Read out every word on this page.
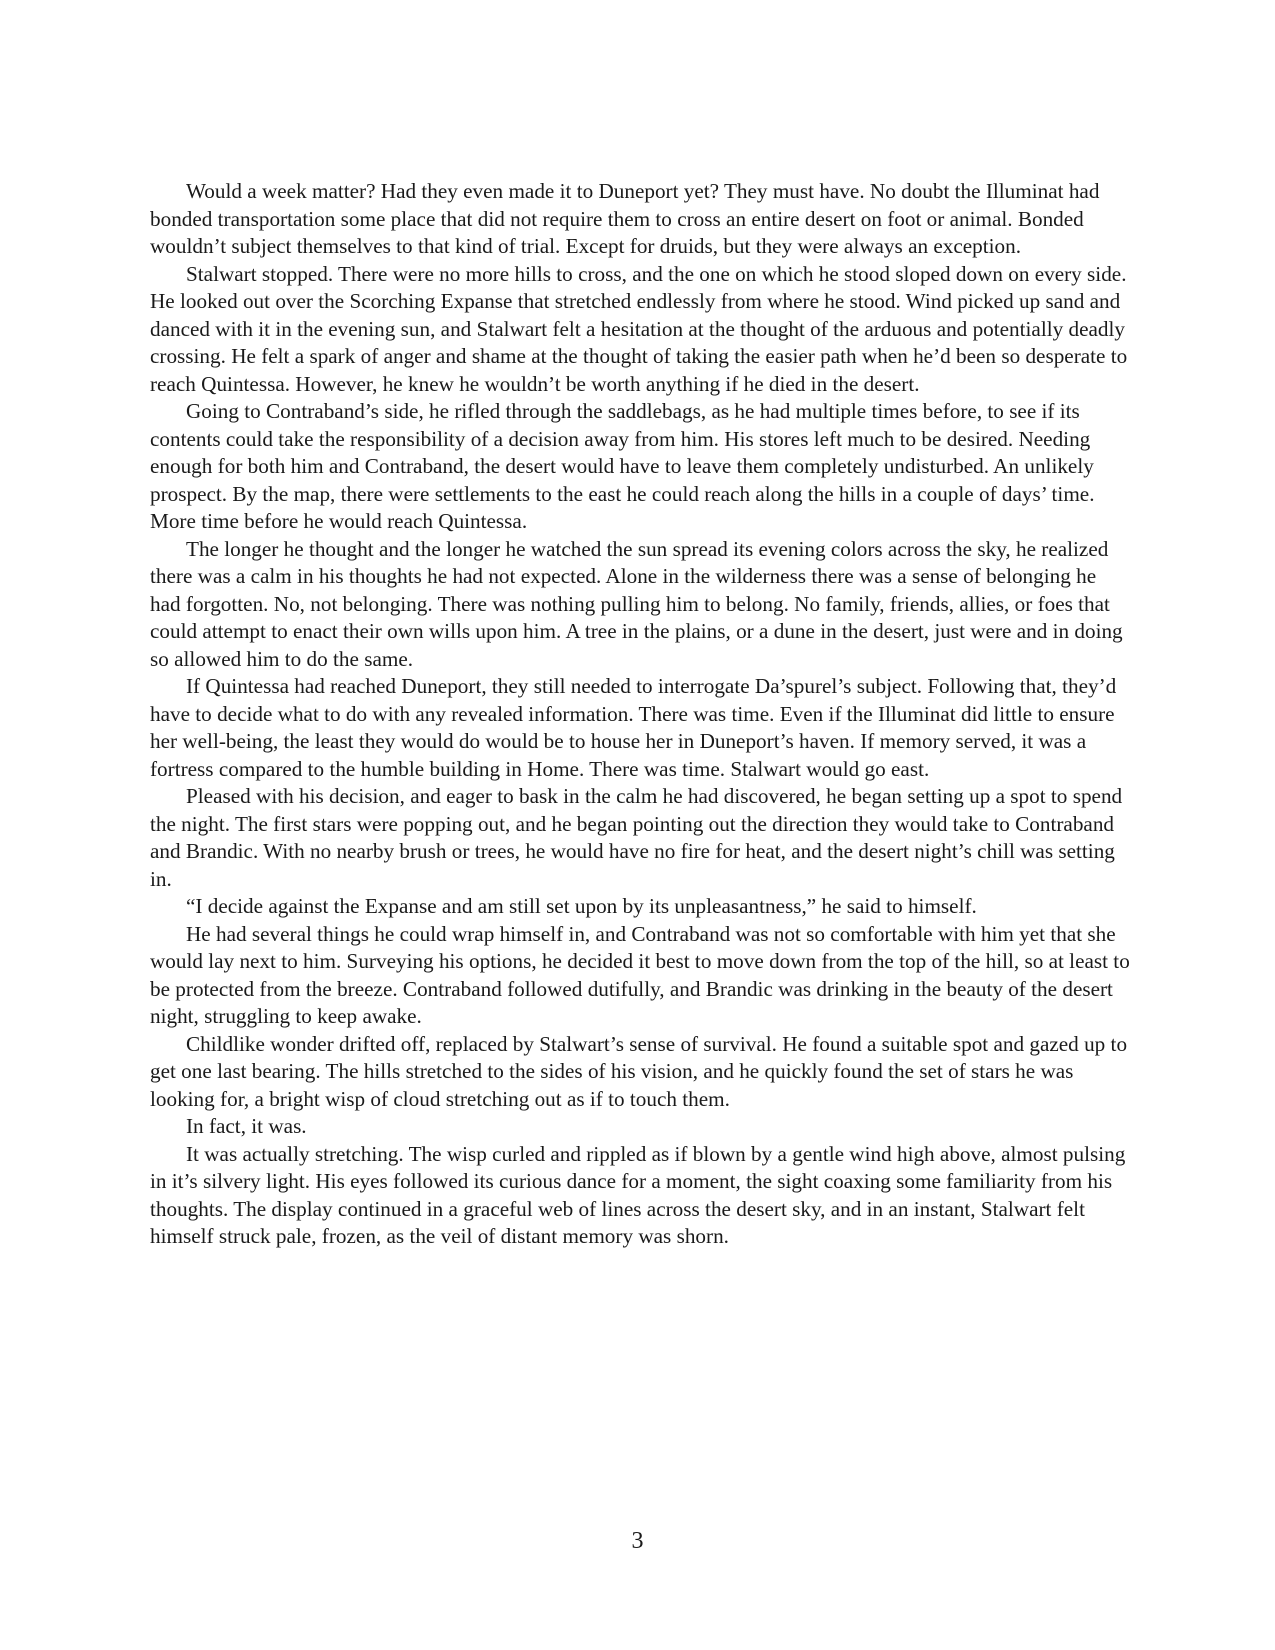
Would a week matter? Had they even made it to Duneport yet? They must have. No doubt the Illuminat had bonded transportation some place that did not require them to cross an entire desert on foot or animal. Bonded wouldn’t subject themselves to that kind of trial. Except for druids, but they were always an exception.

Stalwart stopped. There were no more hills to cross, and the one on which he stood sloped down on every side. He looked out over the Scorching Expanse that stretched endlessly from where he stood. Wind picked up sand and danced with it in the evening sun, and Stalwart felt a hesitation at the thought of the arduous and potentially deadly crossing. He felt a spark of anger and shame at the thought of taking the easier path when he’d been so desperate to reach Quintessa. However, he knew he wouldn’t be worth anything if he died in the desert.

Going to Contraband’s side, he rifled through the saddlebags, as he had multiple times before, to see if its contents could take the responsibility of a decision away from him. His stores left much to be desired. Needing enough for both him and Contraband, the desert would have to leave them completely undisturbed. An unlikely prospect. By the map, there were settlements to the east he could reach along the hills in a couple of days’ time. More time before he would reach Quintessa.

The longer he thought and the longer he watched the sun spread its evening colors across the sky, he realized there was a calm in his thoughts he had not expected. Alone in the wilderness there was a sense of belonging he had forgotten. No, not belonging. There was nothing pulling him to belong. No family, friends, allies, or foes that could attempt to enact their own wills upon him. A tree in the plains, or a dune in the desert, just were and in doing so allowed him to do the same.

If Quintessa had reached Duneport, they still needed to interrogate Da’spurel’s subject. Following that, they’d have to decide what to do with any revealed information. There was time. Even if the Illuminat did little to ensure her well-being, the least they would do would be to house her in Duneport’s haven. If memory served, it was a fortress compared to the humble building in Home. There was time. Stalwart would go east.

Pleased with his decision, and eager to bask in the calm he had discovered, he began setting up a spot to spend the night. The first stars were popping out, and he began pointing out the direction they would take to Contraband and Brandic. With no nearby brush or trees, he would have no fire for heat, and the desert night’s chill was setting in.

“I decide against the Expanse and am still set upon by its unpleasantness,” he said to himself.

He had several things he could wrap himself in, and Contraband was not so comfortable with him yet that she would lay next to him. Surveying his options, he decided it best to move down from the top of the hill, so at least to be protected from the breeze. Contraband followed dutifully, and Brandic was drinking in the beauty of the desert night, struggling to keep awake.

Childlike wonder drifted off, replaced by Stalwart’s sense of survival. He found a suitable spot and gazed up to get one last bearing. The hills stretched to the sides of his vision, and he quickly found the set of stars he was looking for, a bright wisp of cloud stretching out as if to touch them.

In fact, it was.

It was actually stretching. The wisp curled and rippled as if blown by a gentle wind high above, almost pulsing in it’s silvery light. His eyes followed its curious dance for a moment, the sight coaxing some familiarity from his thoughts. The display continued in a graceful web of lines across the desert sky, and in an instant, Stalwart felt himself struck pale, frozen, as the veil of distant memory was shorn.

3
